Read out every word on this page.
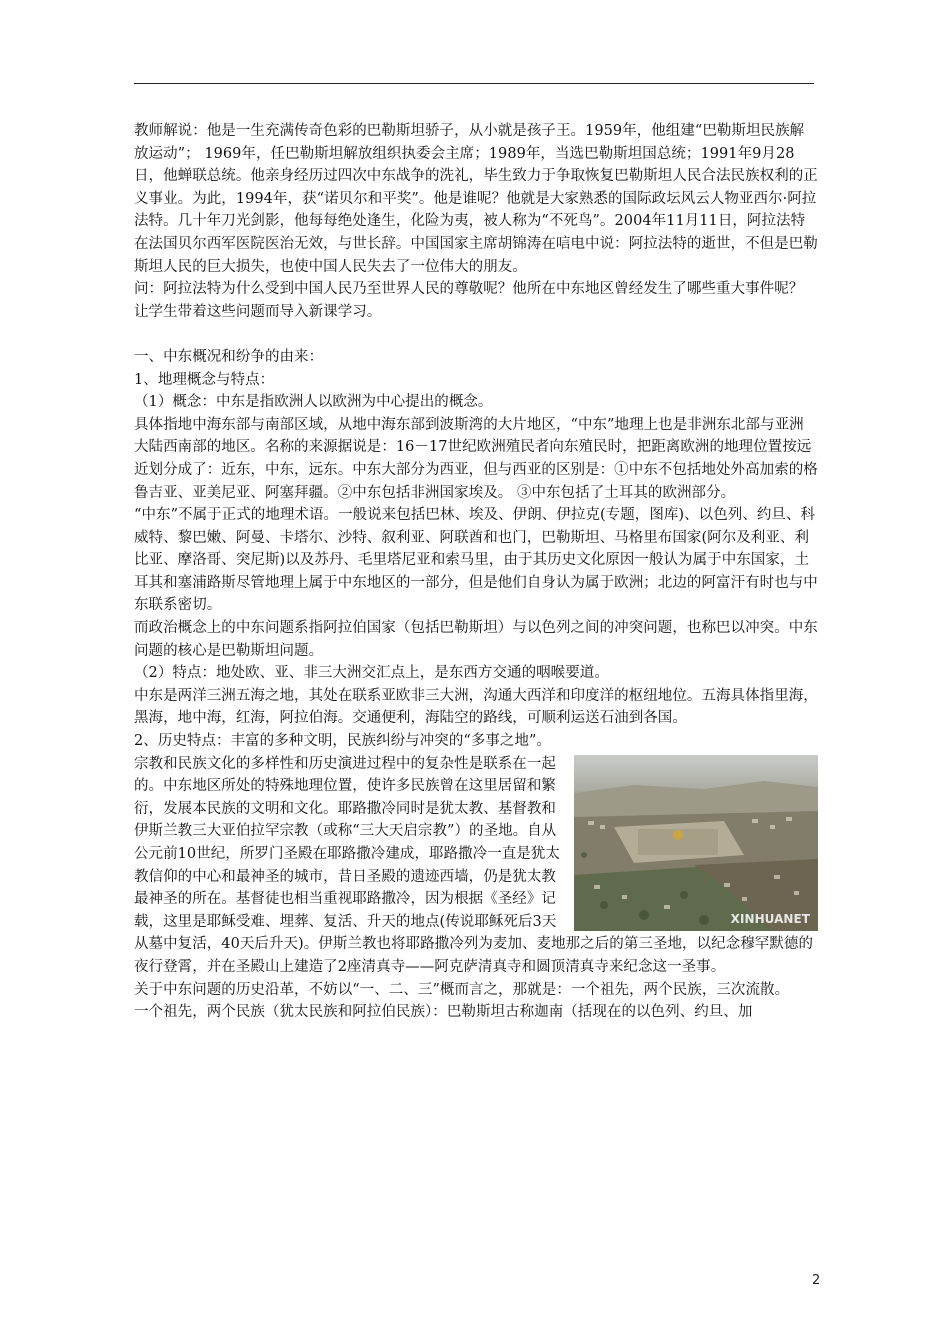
教师解说：他是一生充满传奇色彩的巴勒斯坦骄子，从小就是孩子王。1959年，他组建“巴勒斯坦民族解放运动”； 1969年，任巴勒斯坦解放组织执委会主席；1989年，当选巴勒斯坦国总统；1991年9月28日，他蝉联总统。他亲身经历过四次中东战争的洗礼，毕生致力于争取恢复巴勒斯坦人民合法民族权利的正义事业。为此，1994年，获“诺贝尔和平奖”。他是谁呢？他就是大家熟悉的国际政坛风云人物亚西尔·阿拉法特。几十年刀光剑影，他每每绝处逢生，化险为夷，被人称为“不死鸟”。2004年11月11日，阿拉法特在法国贝尔西军医院医治无效，与世长辞。中国国家主席胡锦涛在唁电中说：阿拉法特的逝世，不但是巴勒斯坦人民的巨大损失，也使中国人民失去了一位伟大的朋友。

问：阿拉法特为什么受到中国人民乃至世界人民的尊敬呢？他所在中东地区曾经发生了哪些重大事件呢？

让学生带着这些问题而导入新课学习。

一、中东概况和纷争的由来：

1、地理概念与特点：

（1）概念：中东是指欧洲人以欧洲为中心提出的概念。

具体指地中海东部与南部区域，从地中海东部到波斯湾的大片地区，“中东”地理上也是非洲东北部与亚洲大陆西南部的地区。名称的来源据说是：16－17世纪欧洲殖民者向东殖民时，把距离欧洲的地理位置按远近划分成了：近东，中东，远东。中东大部分为西亚，但与西亚的区别是：①中东不包括地处外高加索的格鲁吉亚、亚美尼亚、阿塞拜疆。②中东包括非洲国家埃及。 ③中东包括了土耳其的欧洲部分。

“中东”不属于正式的地理术语。一般说来包括巴林、埃及、伊朗、伊拉克(专题，图库)、以色列、约旦、科威特、黎巴嫩、阿曼、卡塔尔、沙特、叙利亚、阿联酋和也门，巴勒斯坦、马格里布国家(阿尔及利亚、利比亚、摩洛哥、突尼斯)以及苏丹、毛里塔尼亚和索马里，由于其历史文化原因一般认为属于中东国家，土耳其和塞浦路斯尽管地理上属于中东地区的一部分，但是他们自身认为属于欧洲；北边的阿富汗有时也与中东联系密切。

而政治概念上的中东问题系指阿拉伯国家（包括巴勒斯坦）与以色列之间的冲突问题，也称巴以冲突。中东问题的核心是巴勒斯坦问题。

（2）特点：地处欧、亚、非三大洲交汇点上，是东西方交通的咽喉要道。

中东是两洋三洲五海之地，其处在联系亚欧非三大洲，沟通大西洋和印度洋的枢纽地位。五海具体指里海，黑海，地中海，红海，阿拉伯海。交通便利，海陆空的路线，可顺利运送石油到各国。

2、历史特点：丰富的多种文明，民族纠纷与冲突的“多事之地”。

XINHUANET

宗教和民族文化的多样性和历史演进过程中的复杂性是联系在一起的。中东地区所处的特殊地理位置，使许多民族曾在这里居留和繁衍，发展本民族的文明和文化。耶路撒冷同时是犹太教、基督教和伊斯兰教三大亚伯拉罕宗教（或称“三大天启宗教”）的圣地。自从公元前10世纪，所罗门圣殿在耶路撒冷建成，耶路撒冷一直是犹太教信仰的中心和最神圣的城市，昔日圣殿的遗迹西墙，仍是犹太教最神圣的所在。基督徒也相当重视耶路撒冷，因为根据《圣经》记载，这里是耶稣受难、埋葬、复活、升天的地点(传说耶稣死后3天从墓中复活，40天后升天)。伊斯兰教也将耶路撒冷列为麦加、麦地那之后的第三圣地，以纪念穆罕默德的夜行登霄，并在圣殿山上建造了2座清真寺——阿克萨清真寺和圆顶清真寺来纪念这一圣事。

关于中东问题的历史沿革，不妨以“一、二、三”概而言之，那就是：一个祖先，两个民族，三次流散。

一个祖先，两个民族（犹太民族和阿拉伯民族）：巴勒斯坦古称迦南（括现在的以色列、约旦、加

2
